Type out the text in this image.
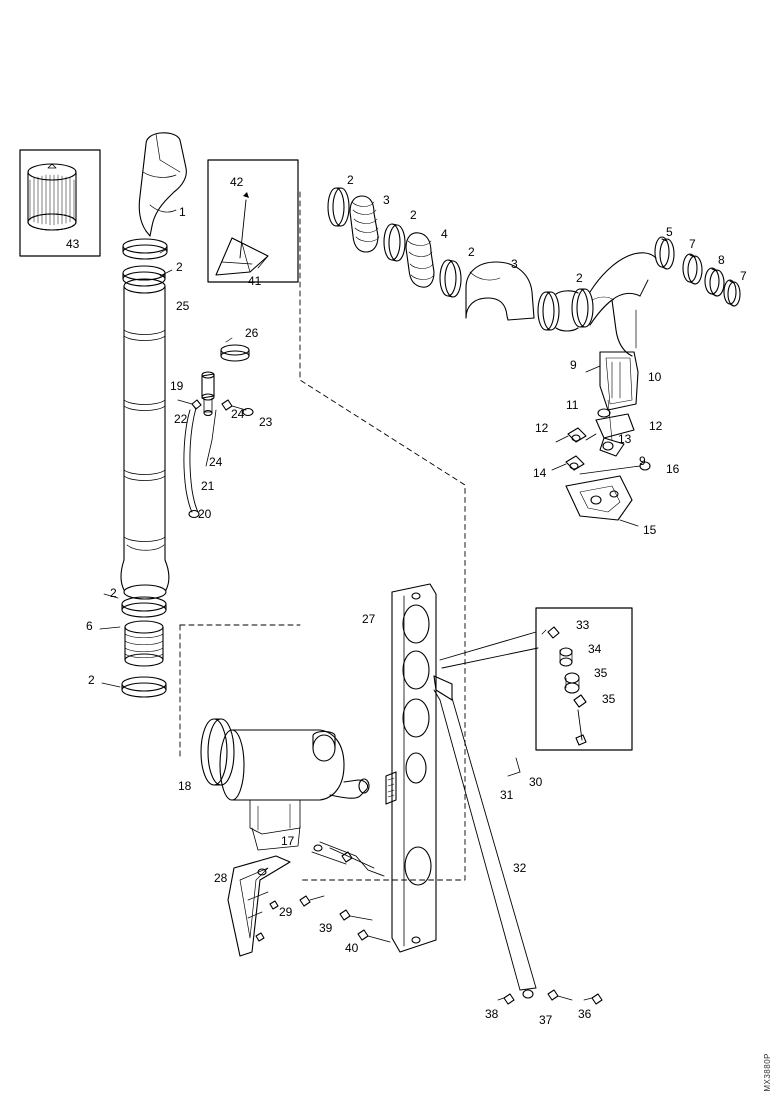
43
1
2
25
42
41
26
19
22	24
23
24
21
20
2
3
2
4
2
3
2
5
7
8
7
9
10
11
12
12
13
14
9
16
15
2
6
2
18
17
28
29
39
40
27	33
34
35
35
30
31
32
38	37 36
MX3880P
